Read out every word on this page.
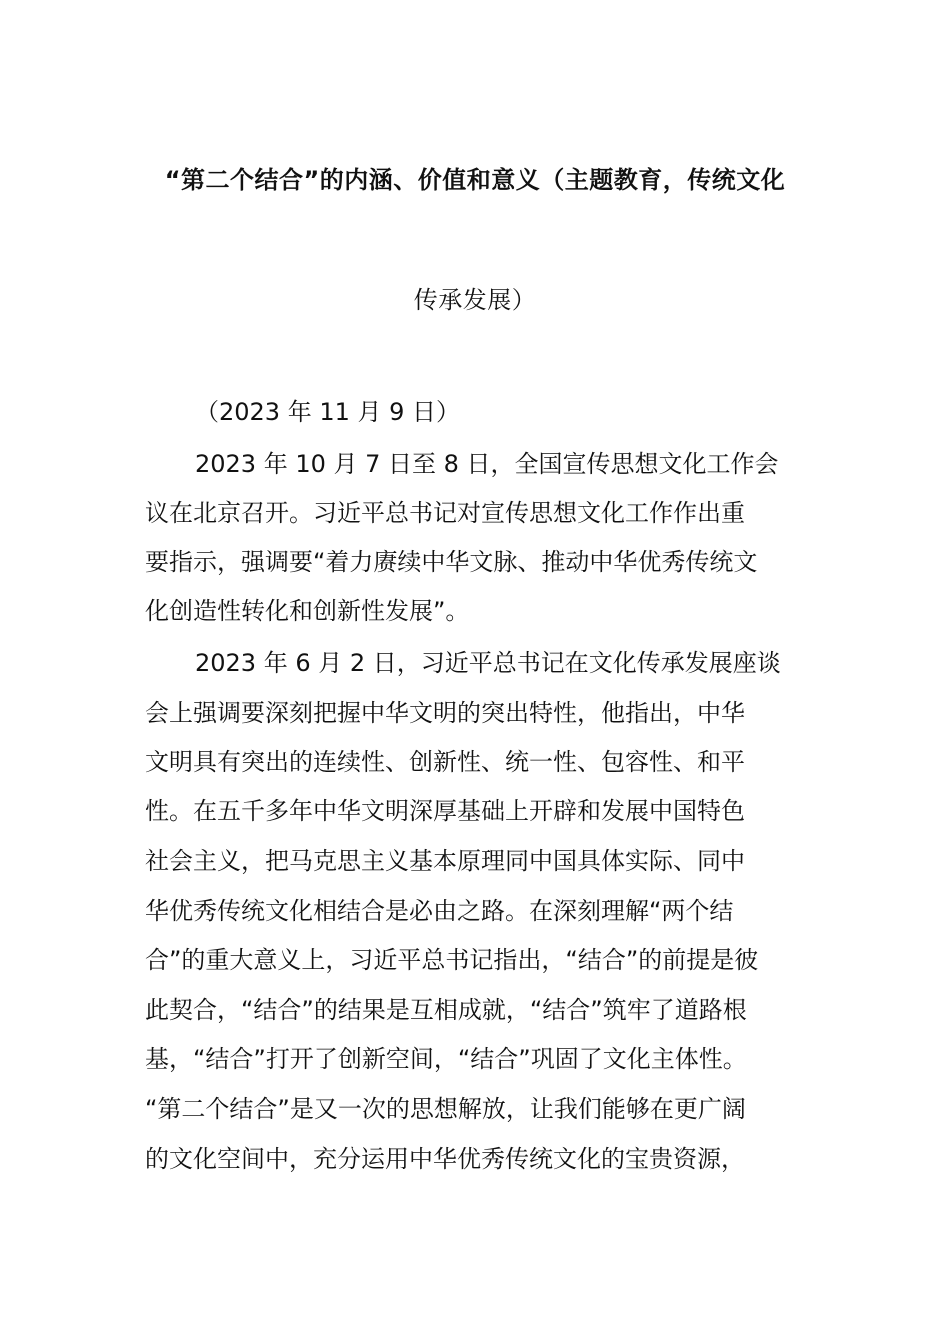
“第二个结合”的内涵、价值和意义（主题教育，传统文化
传承发展）
（2023 年 11 月 9 日）
2023 年 10 月 7 日至 8 日，全国宣传思想文化工作会
议在北京召开。习近平总书记对宣传思想文化工作作出重
要指示，强调要“着力赓续中华文脉、推动中华优秀传统文
化创造性转化和创新性发展”。
2023 年 6 月 2 日，习近平总书记在文化传承发展座谈
会上强调要深刻把握中华文明的突出特性，他指出，中华
文明具有突出的连续性、创新性、统一性、包容性、和平
性。在五千多年中华文明深厚基础上开辟和发展中国特色
社会主义，把马克思主义基本原理同中国具体实际、同中
华优秀传统文化相结合是必由之路。在深刻理解“两个结
合”的重大意义上，习近平总书记指出，“结合”的前提是彼
此契合，“结合”的结果是互相成就，“结合”筑牢了道路根
基，“结合”打开了创新空间，“结合”巩固了文化主体性。
“第二个结合”是又一次的思想解放，让我们能够在更广阔
的文化空间中，充分运用中华优秀传统文化的宝贵资源，
